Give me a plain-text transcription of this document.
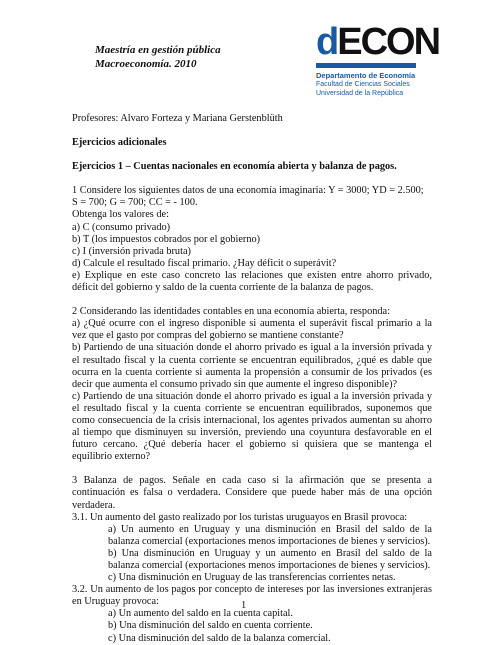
Maestría en gestión pública
Macroeconomía. 2010
dECON
Departamento de Economía
Facultad de Ciencias Sociales
Universidad de la República

Profesores: Alvaro Forteza y Mariana Gerstenblüth

Ejercicios adicionales

Ejercicios 1 – Cuentas nacionales en economía abierta y balanza de pagos.

1 Considere los siguientes datos de una economía imaginaria: Y = 3000; YD = 2.500;

S = 700; G = 700; CC = - 100.

Obtenga los valores de:

a) C (consumo privado)

b) T (los impuestos cobrados por el gobierno)

c) I (inversión privada bruta)

d) Calcule el resultado fiscal primario. ¿Hay déficit o superávit?

e) Explique en este caso concreto las relaciones que existen entre ahorro privado, déficit del gobierno y saldo de la cuenta corriente de la balanza de pagos.

2 Considerando las identidades contables en una economía abierta, responda:

a) ¿Qué ocurre con el ingreso disponible si aumenta el superávit fiscal primario a la vez que el gasto por compras del gobierno se mantiene constante?

b) Partiendo de una situación donde el ahorro privado es igual a la inversión privada y el resultado fiscal y la cuenta corriente se encuentran equilibrados, ¿qué es dable que ocurra en la cuenta corriente si aumenta la propensión a consumir de los privados (es decir que aumenta el consumo privado sin que aumente el ingreso disponible)?

c) Partiendo de una situación donde el ahorro privado es igual a la inversión privada y el resultado fiscal y la cuenta corriente se encuentran equilibrados, suponemos que como consecuencia de la crisis internacional, los agentes privados aumentan su ahorro al tiempo que disminuyen su inversión, previendo una coyuntura desfavorable en el futuro cercano. ¿Qué debería hacer el gobierno si quisiera que se mantenga el equilibrio externo?

3 Balanza de pagos. Señale en cada caso si la afirmación que se presenta a continuación es falsa o verdadera. Considere que puede haber más de una opción verdadera.

3.1. Un aumento del gasto realizado por los turistas uruguayos en Brasil provoca:

a) Un aumento en Uruguay y una disminución en Brasil del saldo de la balanza comercial (exportaciones menos importaciones de bienes y servicios).

b) Una disminución en Uruguay y un aumento en Brasil del saldo de la balanza comercial (exportaciones menos importaciones de bienes y servicios).

c) Una disminución en Uruguay de las transferencias corrientes netas.

3.2. Un aumento de los pagos por concepto de intereses por las inversiones extranjeras en Uruguay provoca:

a) Un aumento del saldo en la cuenta capital.

b) Una disminución del saldo en cuenta corriente.

c) Una disminución del saldo de la balanza comercial.

1
